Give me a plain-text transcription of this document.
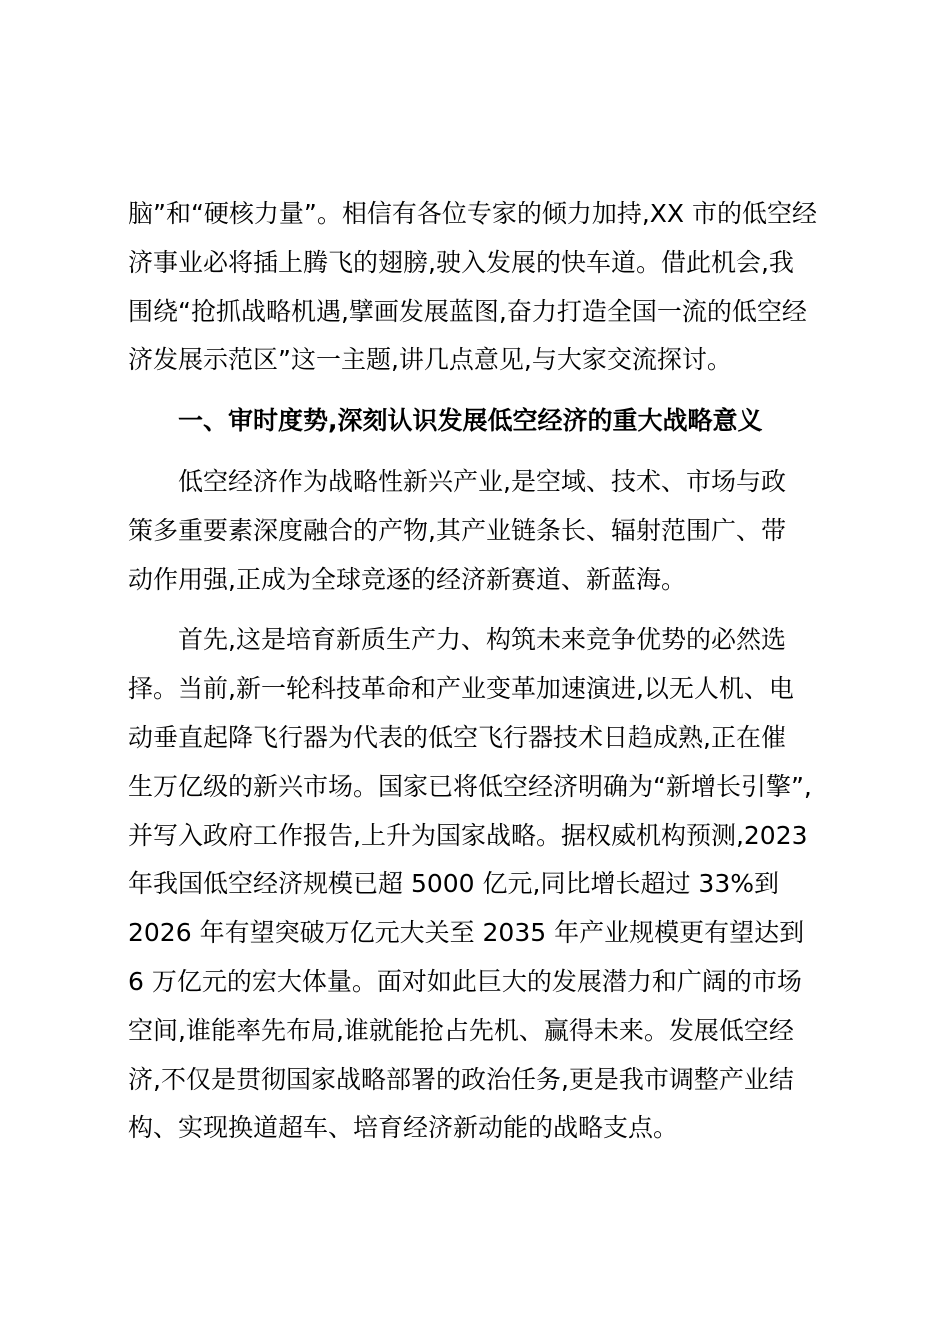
脑”和“硬核力量”。相信有各位专家的倾力加持,XX 市的低空经
济事业必将插上腾飞的翅膀,驶入发展的快车道。借此机会,我
围绕“抢抓战略机遇,擘画发展蓝图,奋力打造全国一流的低空经
济发展示范区”这一主题,讲几点意见,与大家交流探讨。

一、审时度势,深刻认识发展低空经济的重大战略意义

低空经济作为战略性新兴产业,是空域、技术、市场与政
策多重要素深度融合的产物,其产业链条长、辐射范围广、带
动作用强,正成为全球竞逐的经济新赛道、新蓝海。

首先,这是培育新质生产力、构筑未来竞争优势的必然选
择。当前,新一轮科技革命和产业变革加速演进,以无人机、电
动垂直起降飞行器为代表的低空飞行器技术日趋成熟,正在催
生万亿级的新兴市场。国家已将低空经济明确为“新增长引擎”,
并写入政府工作报告,上升为国家战略。据权威机构预测,2023
年我国低空经济规模已超 5000 亿元,同比增长超过 33%到
2026 年有望突破万亿元大关至 2035 年产业规模更有望达到
6 万亿元的宏大体量。面对如此巨大的发展潜力和广阔的市场
空间,谁能率先布局,谁就能抢占先机、赢得未来。发展低空经
济,不仅是贯彻国家战略部署的政治任务,更是我市调整产业结
构、实现换道超车、培育经济新动能的战略支点。
